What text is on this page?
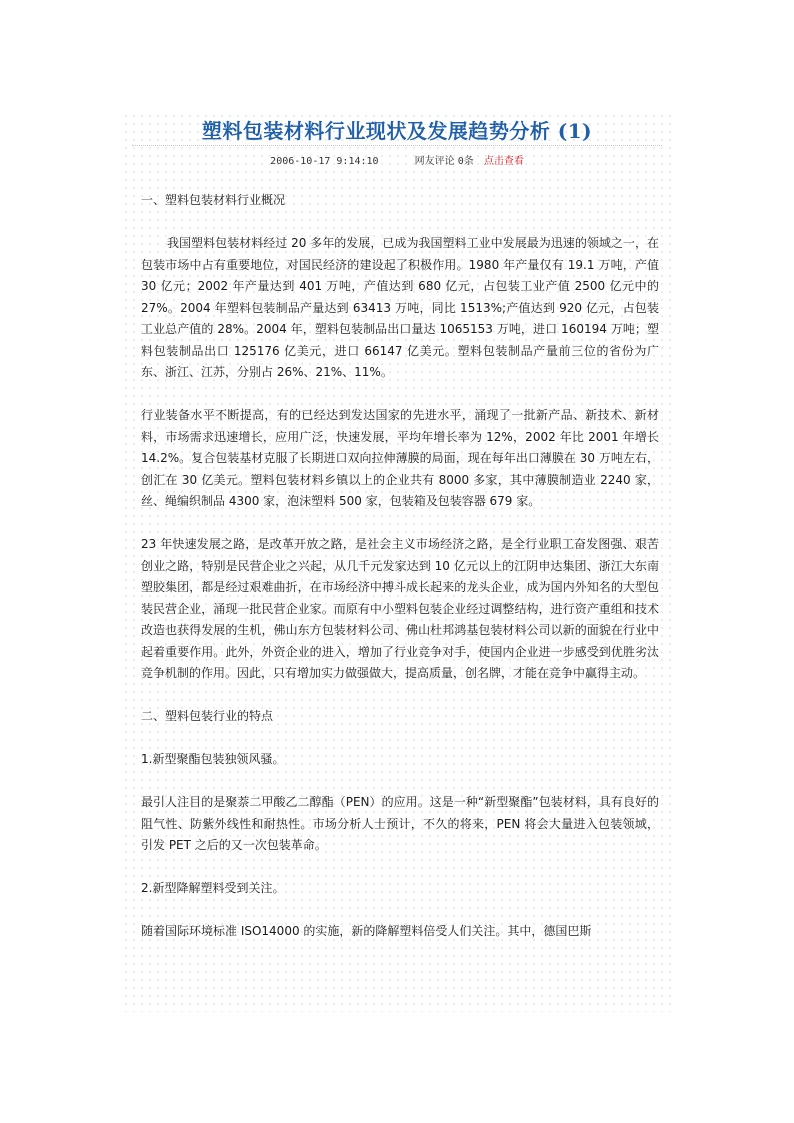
塑料包装材料行业现状及发展趋势分析 (1)
2006-10-17 9:14:10	网友评论 0条 点击查看

一、塑料包装材料行业概况

我国塑料包装材料经过 20 多年的发展，已成为我国塑料工业中发展最为迅速的领域之一，在包装市场中占有重要地位，对国民经济的建设起了积极作用。1980 年产量仅有 19.1 万吨，产值 30 亿元；2002 年产量达到 401 万吨，产值达到 680 亿元，占包装工业产值 2500 亿元中的 27%。2004 年塑料包装制品产量达到 63413 万吨，同比 1513%;产值达到 920 亿元，占包装工业总产值的 28%。2004 年，塑料包装制品出口量达 1065153 万吨，进口 160194 万吨；塑料包装制品出口 125176 亿美元，进口 66147 亿美元。塑料包装制品产量前三位的省份为广东、浙江、江苏，分别占 26%、21%、11%。

行业装备水平不断提高，有的已经达到发达国家的先进水平，涌现了一批新产品、新技术、新材料，市场需求迅速增长，应用广泛，快速发展，平均年增长率为 12%，2002 年比 2001 年增长 14.2%。复合包装基材克服了长期进口双向拉伸薄膜的局面，现在每年出口薄膜在 30 万吨左右，创汇在 30 亿美元。塑料包装材料乡镇以上的企业共有 8000 多家，其中薄膜制造业 2240 家，丝、绳编织制品 4300 家，泡沫塑料 500 家，包装箱及包装容器 679 家。

23 年快速发展之路，是改革开放之路，是社会主义市场经济之路，是全行业职工奋发图强、艰苦创业之路，特别是民营企业之兴起，从几千元发家达到 10 亿元以上的江阴申达集团、浙江大东南塑胶集团，都是经过艰难曲折，在市场经济中搏斗成长起来的龙头企业，成为国内外知名的大型包装民营企业，涌现一批民营企业家。而原有中小塑料包装企业经过调整结构，进行资产重组和技术改造也获得发展的生机，佛山东方包装材料公司、佛山杜邦鸿基包装材料公司以新的面貌在行业中起着重要作用。此外，外资企业的进入，增加了行业竞争对手，使国内企业进一步感受到优胜劣汰竞争机制的作用。因此，只有增加实力做强做大，提高质量，创名牌，才能在竞争中赢得主动。

二、塑料包装行业的特点

1.新型聚酯包装独领风骚。

最引人注目的是聚萘二甲酸乙二醇酯（PEN）的应用。这是一种“新型聚酯”包装材料，具有良好的阻气性、防紫外线性和耐热性。市场分析人士预计，不久的将来，PEN 将会大量进入包装领域，引发 PET 之后的又一次包装革命。

2.新型降解塑料受到关注。

随着国际环境标准 ISO14000 的实施，新的降解塑料倍受人们关注。其中，德国巴斯
